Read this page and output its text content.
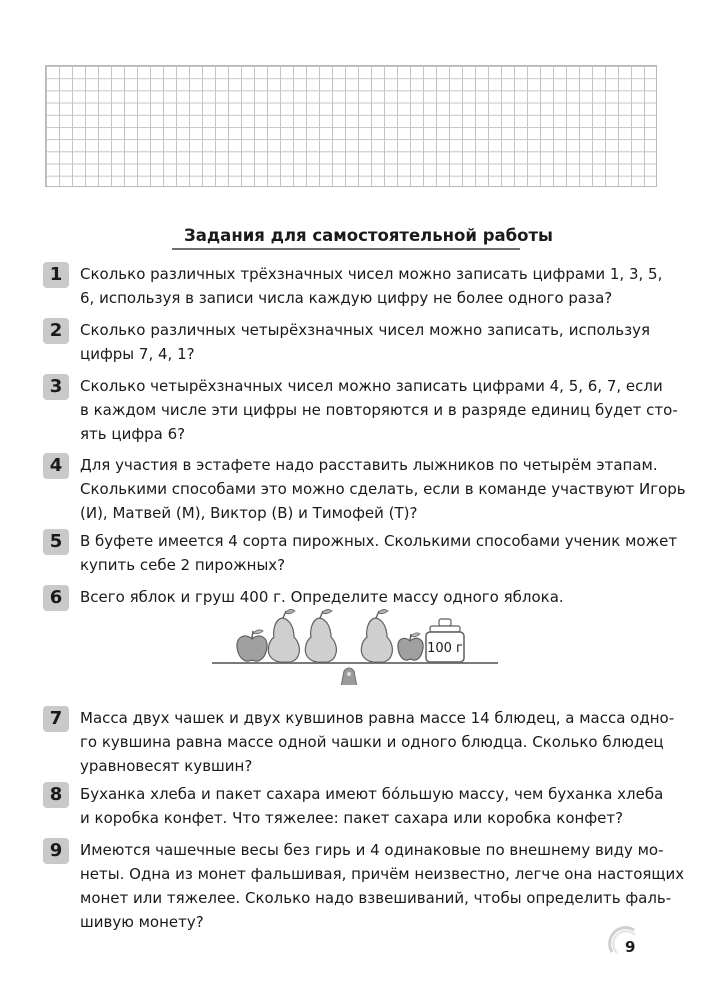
Задания для самостоятельной работы
1	Сколько различных трёхзначных чисел можно записать цифрами 1, 3, 5,
6, используя в записи числа каждую цифру не более одного раза?
2	Сколько различных четырёхзначных чисел можно записать, используя
цифры 7, 4, 1?
3	Сколько четырёхзначных чисел можно записать цифрами 4, 5, 6, 7, если
в каждом числе эти цифры не повторяются и в разряде единиц будет сто-
ять цифра 6?
4	Для участия в эстафете надо расставить лыжников по четырём этапам.
Сколькими способами это можно сделать, если в команде участвуют Игорь
(И), Матвей (М), Виктор (В) и Тимофей (Т)?
5	В буфете имеется 4 сорта пирожных. Сколькими способами ученик может
купить себе 2 пирожных?
6	Всего яблок и груш 400 г. Определите массу одного яблока.
100 г
7	Масса двух чашек и двух кувшинов равна массе 14 блюдец, а масса одно-
го кувшина равна массе одной чашки и одного блюдца. Сколько блюдец
уравновесят кувшин?
8	Буханка хлеба и пакет сахара имеют бóльшую массу, чем буханка хлеба
и коробка конфет. Что тяжелее: пакет сахара или коробка конфет?
9	Имеются чашечные весы без гирь и 4 одинаковые по внешнему виду мо-
неты. Одна из монет фальшивая, причём неизвестно, легче она настоящих
монет или тяжелее. Сколько надо взвешиваний, чтобы определить фаль-
шивую монету?
9
